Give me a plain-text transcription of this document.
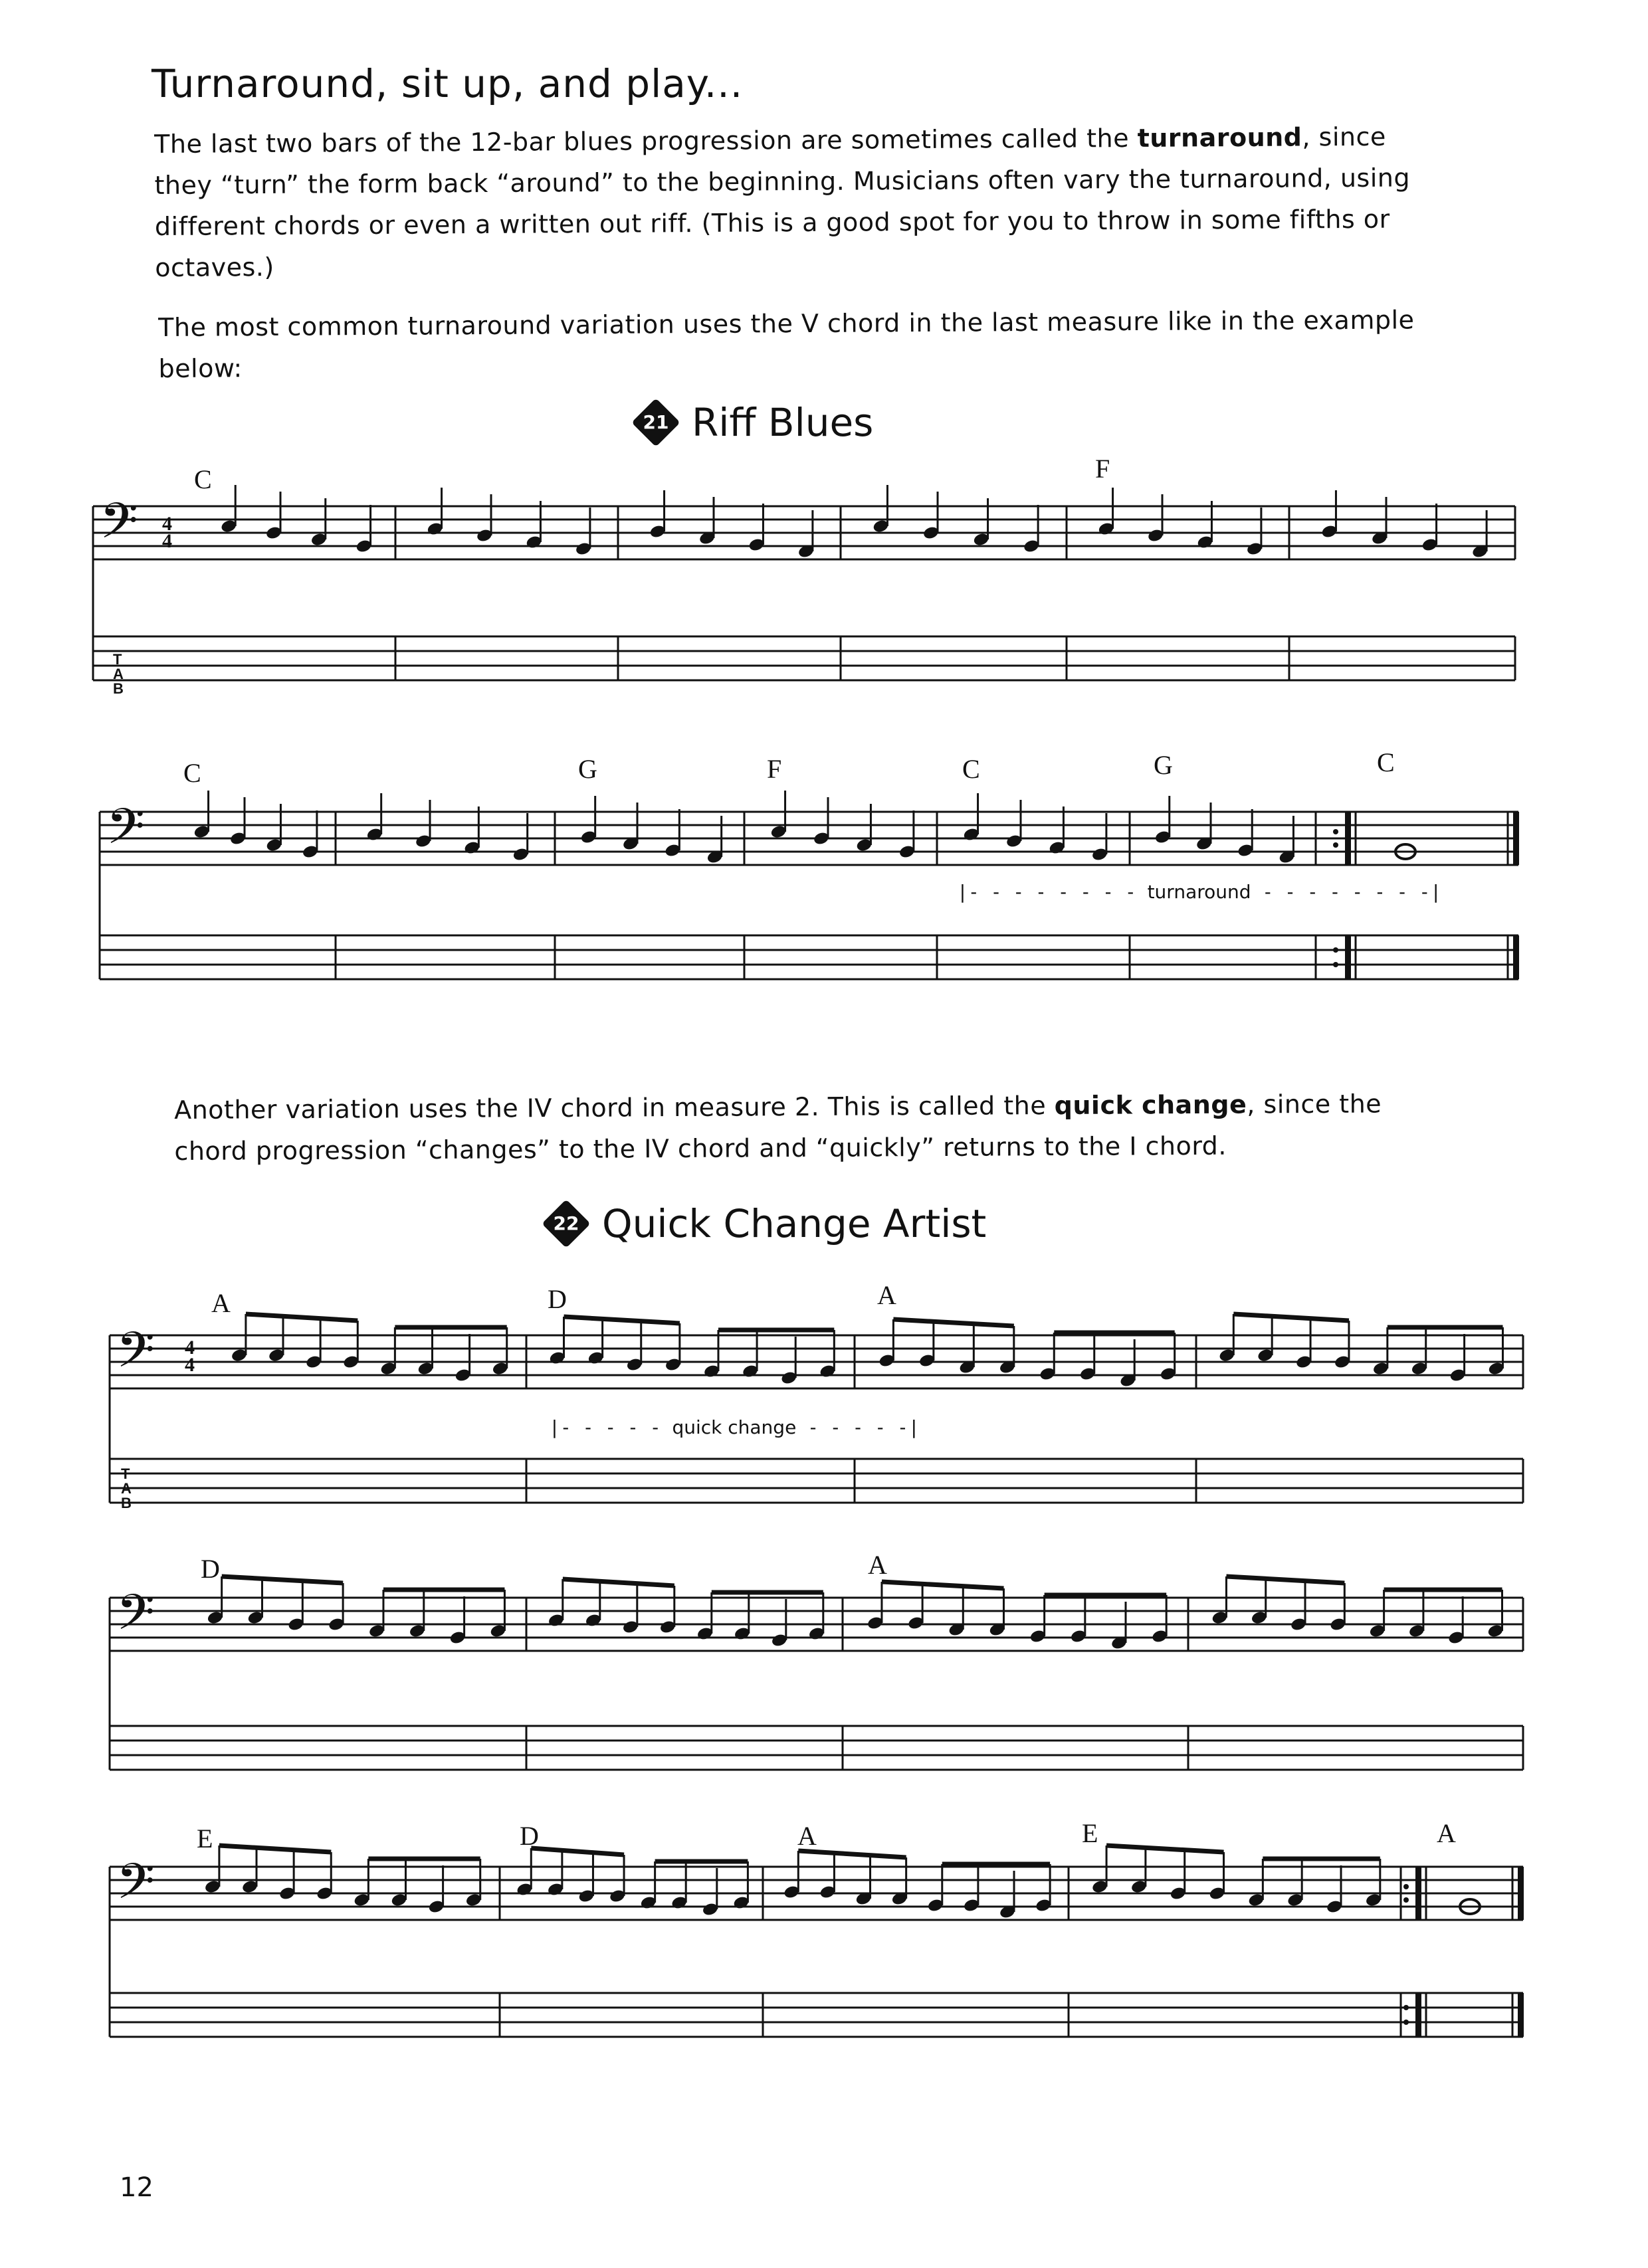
Turnaround, sit up, and play...
The last two bars of the 12-bar blues progression are sometimes called the turnaround, since they “turn” the form back “around” to the beginning. Musicians often vary the turnaround, using different chords or even a written out riff. (This is a good spot for you to throw in some fifths or octaves.)
The most common turnaround variation uses the V chord in the last measure like in the example below:
21 Riff Blues
C	F
C	G	F	C	G	C
Another variation uses the IV chord in measure 2. This is called the quick change, since the chord progression “changes” to the IV chord and “quickly” returns to the I chord.
22 Quick Change Artist
A	D	A
D	A
E	D	A	E	A
|- - - - - - - - turnaround - - - - - - - -|
|- - - - - quick change - - - - -|
4
4
4
4
T
A
B
T
A
B
𝄢
𝄢
𝄢
𝄢
𝄢
12
